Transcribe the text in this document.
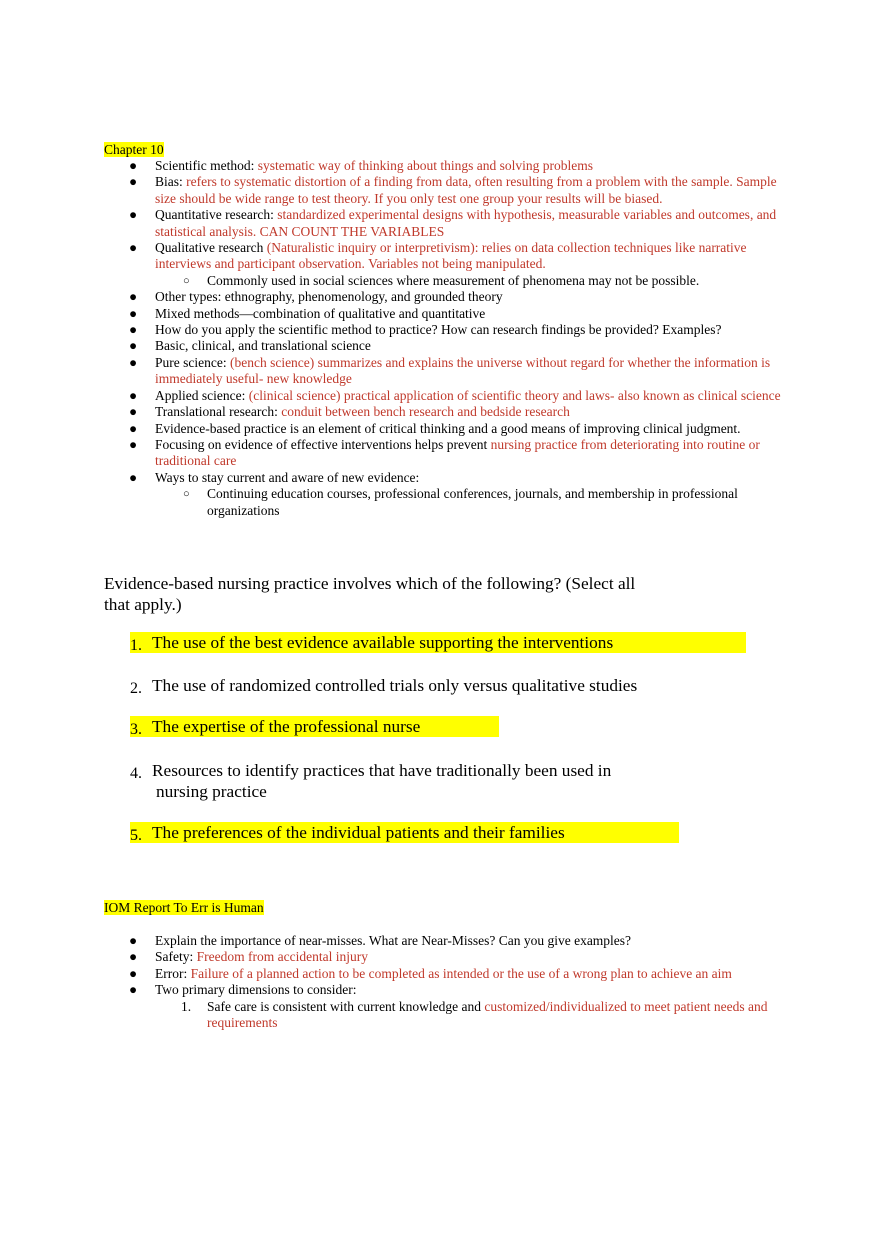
Chapter 10
● Scientific method: systematic way of thinking about things and solving problems
● Bias: refers to systematic distortion of a finding from data, often resulting from a problem with the sample. Sample size should be wide range to test theory. If you only test one group your results will be biased.
● Quantitative research: standardized experimental designs with hypothesis, measurable variables and outcomes, and statistical analysis. CAN COUNT THE VARIABLES
● Qualitative research (Naturalistic inquiry or interpretivism): relies on data collection techniques like narrative interviews and participant observation. Variables not being manipulated.
○ Commonly used in social sciences where measurement of phenomena may not be possible.
● Other types: ethnography, phenomenology, and grounded theory
● Mixed methods—combination of qualitative and quantitative
● How do you apply the scientific method to practice? How can research findings be provided? Examples?
● Basic, clinical, and translational science
● Pure science: (bench science) summarizes and explains the universe without regard for whether the information is immediately useful- new knowledge
● Applied science: (clinical science) practical application of scientific theory and laws- also known as clinical science
● Translational research: conduit between bench research and bedside research
● Evidence-based practice is an element of critical thinking and a good means of improving clinical judgment.
● Focusing on evidence of effective interventions helps prevent nursing practice from deteriorating into routine or traditional care
● Ways to stay current and aware of new evidence:
○ Continuing education courses, professional conferences, journals, and membership in professional organizations
Evidence-based nursing practice involves which of the following? (Select all that apply.)
1. The use of the best evidence available supporting the interventions
2. The use of randomized controlled trials only versus qualitative studies
3. The expertise of the professional nurse
4. Resources to identify practices that have traditionally been used in
nursing practice
5. The preferences of the individual patients and their families
IOM Report To Err is Human
● Explain the importance of near-misses. What are Near-Misses? Can you give examples?
● Safety: Freedom from accidental injury
● Error: Failure of a planned action to be completed as intended or the use of a wrong plan to achieve an aim
● Two primary dimensions to consider:
1. Safe care is consistent with current knowledge and customized/individualized to meet patient needs and requirements
